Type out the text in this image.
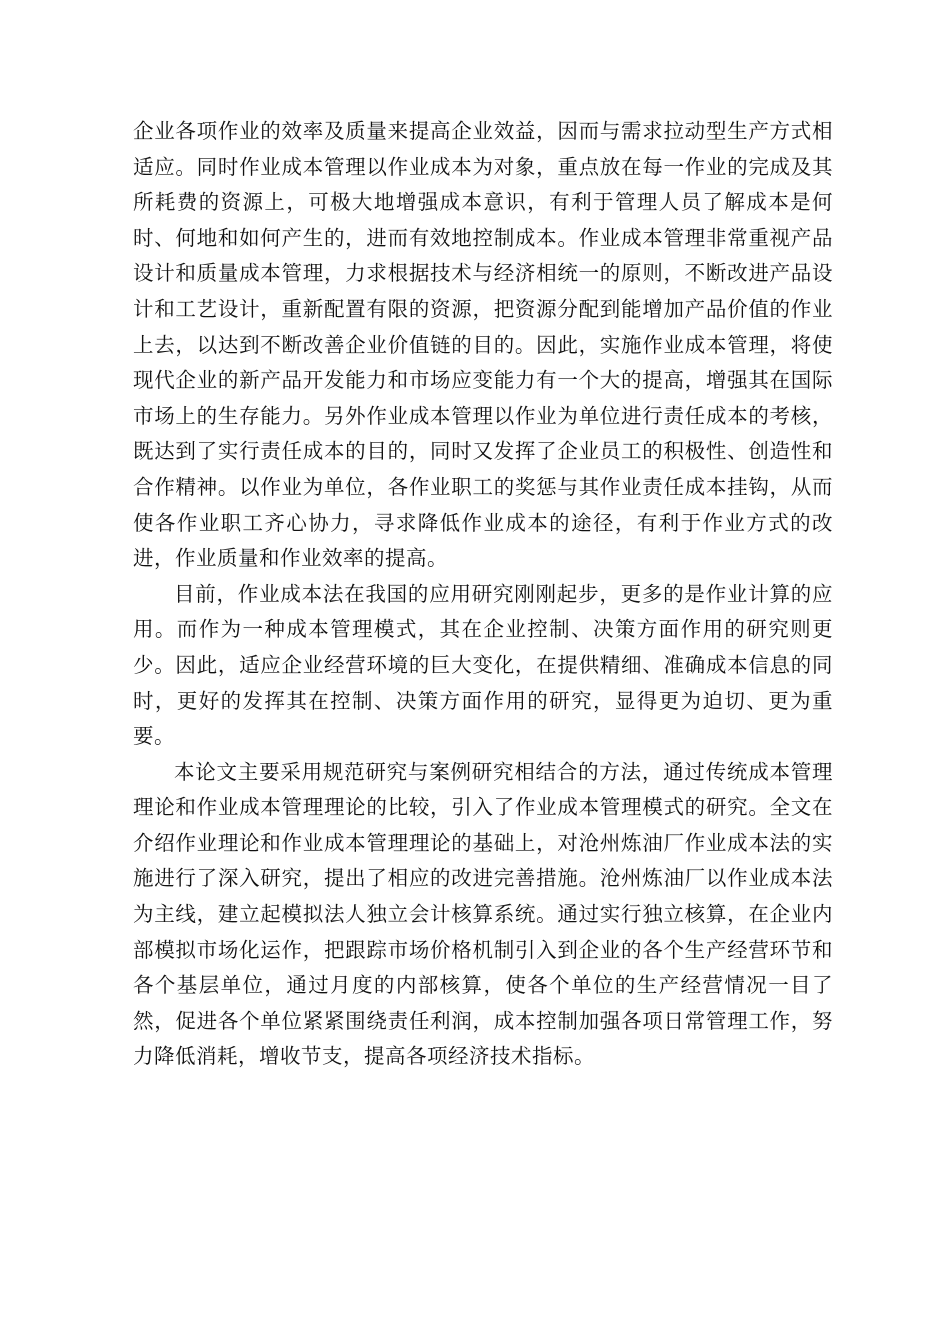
企业各项作业的效率及质量来提高企业效益，因而与需求拉动型生产方式相适应。同时作业成本管理以作业成本为对象，重点放在每一作业的完成及其所耗费的资源上，可极大地增强成本意识，有利于管理人员了解成本是何时、何地和如何产生的，进而有效地控制成本。作业成本管理非常重视产品设计和质量成本管理，力求根据技术与经济相统一的原则，不断改进产品设计和工艺设计，重新配置有限的资源，把资源分配到能增加产品价值的作业上去，以达到不断改善企业价值链的目的。因此，实施作业成本管理，将使现代企业的新产品开发能力和市场应变能力有一个大的提高，增强其在国际市场上的生存能力。另外作业成本管理以作业为单位进行责任成本的考核，既达到了实行责任成本的目的，同时又发挥了企业员工的积极性、创造性和合作精神。以作业为单位，各作业职工的奖惩与其作业责任成本挂钩，从而使各作业职工齐心协力，寻求降低作业成本的途径，有利于作业方式的改进，作业质量和作业效率的提高。

目前，作业成本法在我国的应用研究刚刚起步，更多的是作业计算的应用。而作为一种成本管理模式，其在企业控制、决策方面作用的研究则更少。因此，适应企业经营环境的巨大变化，在提供精细、准确成本信息的同时，更好的发挥其在控制、决策方面作用的研究，显得更为迫切、更为重要。

本论文主要采用规范研究与案例研究相结合的方法，通过传统成本管理理论和作业成本管理理论的比较，引入了作业成本管理模式的研究。全文在介绍作业理论和作业成本管理理论的基础上，对沧州炼油厂作业成本法的实施进行了深入研究，提出了相应的改进完善措施。沧州炼油厂以作业成本法为主线，建立起模拟法人独立会计核算系统。通过实行独立核算，在企业内部模拟市场化运作，把跟踪市场价格机制引入到企业的各个生产经营环节和各个基层单位，通过月度的内部核算，使各个单位的生产经营情况一目了然，促进各个单位紧紧围绕责任利润，成本控制加强各项日常管理工作，努力降低消耗，增收节支，提高各项经济技术指标。
